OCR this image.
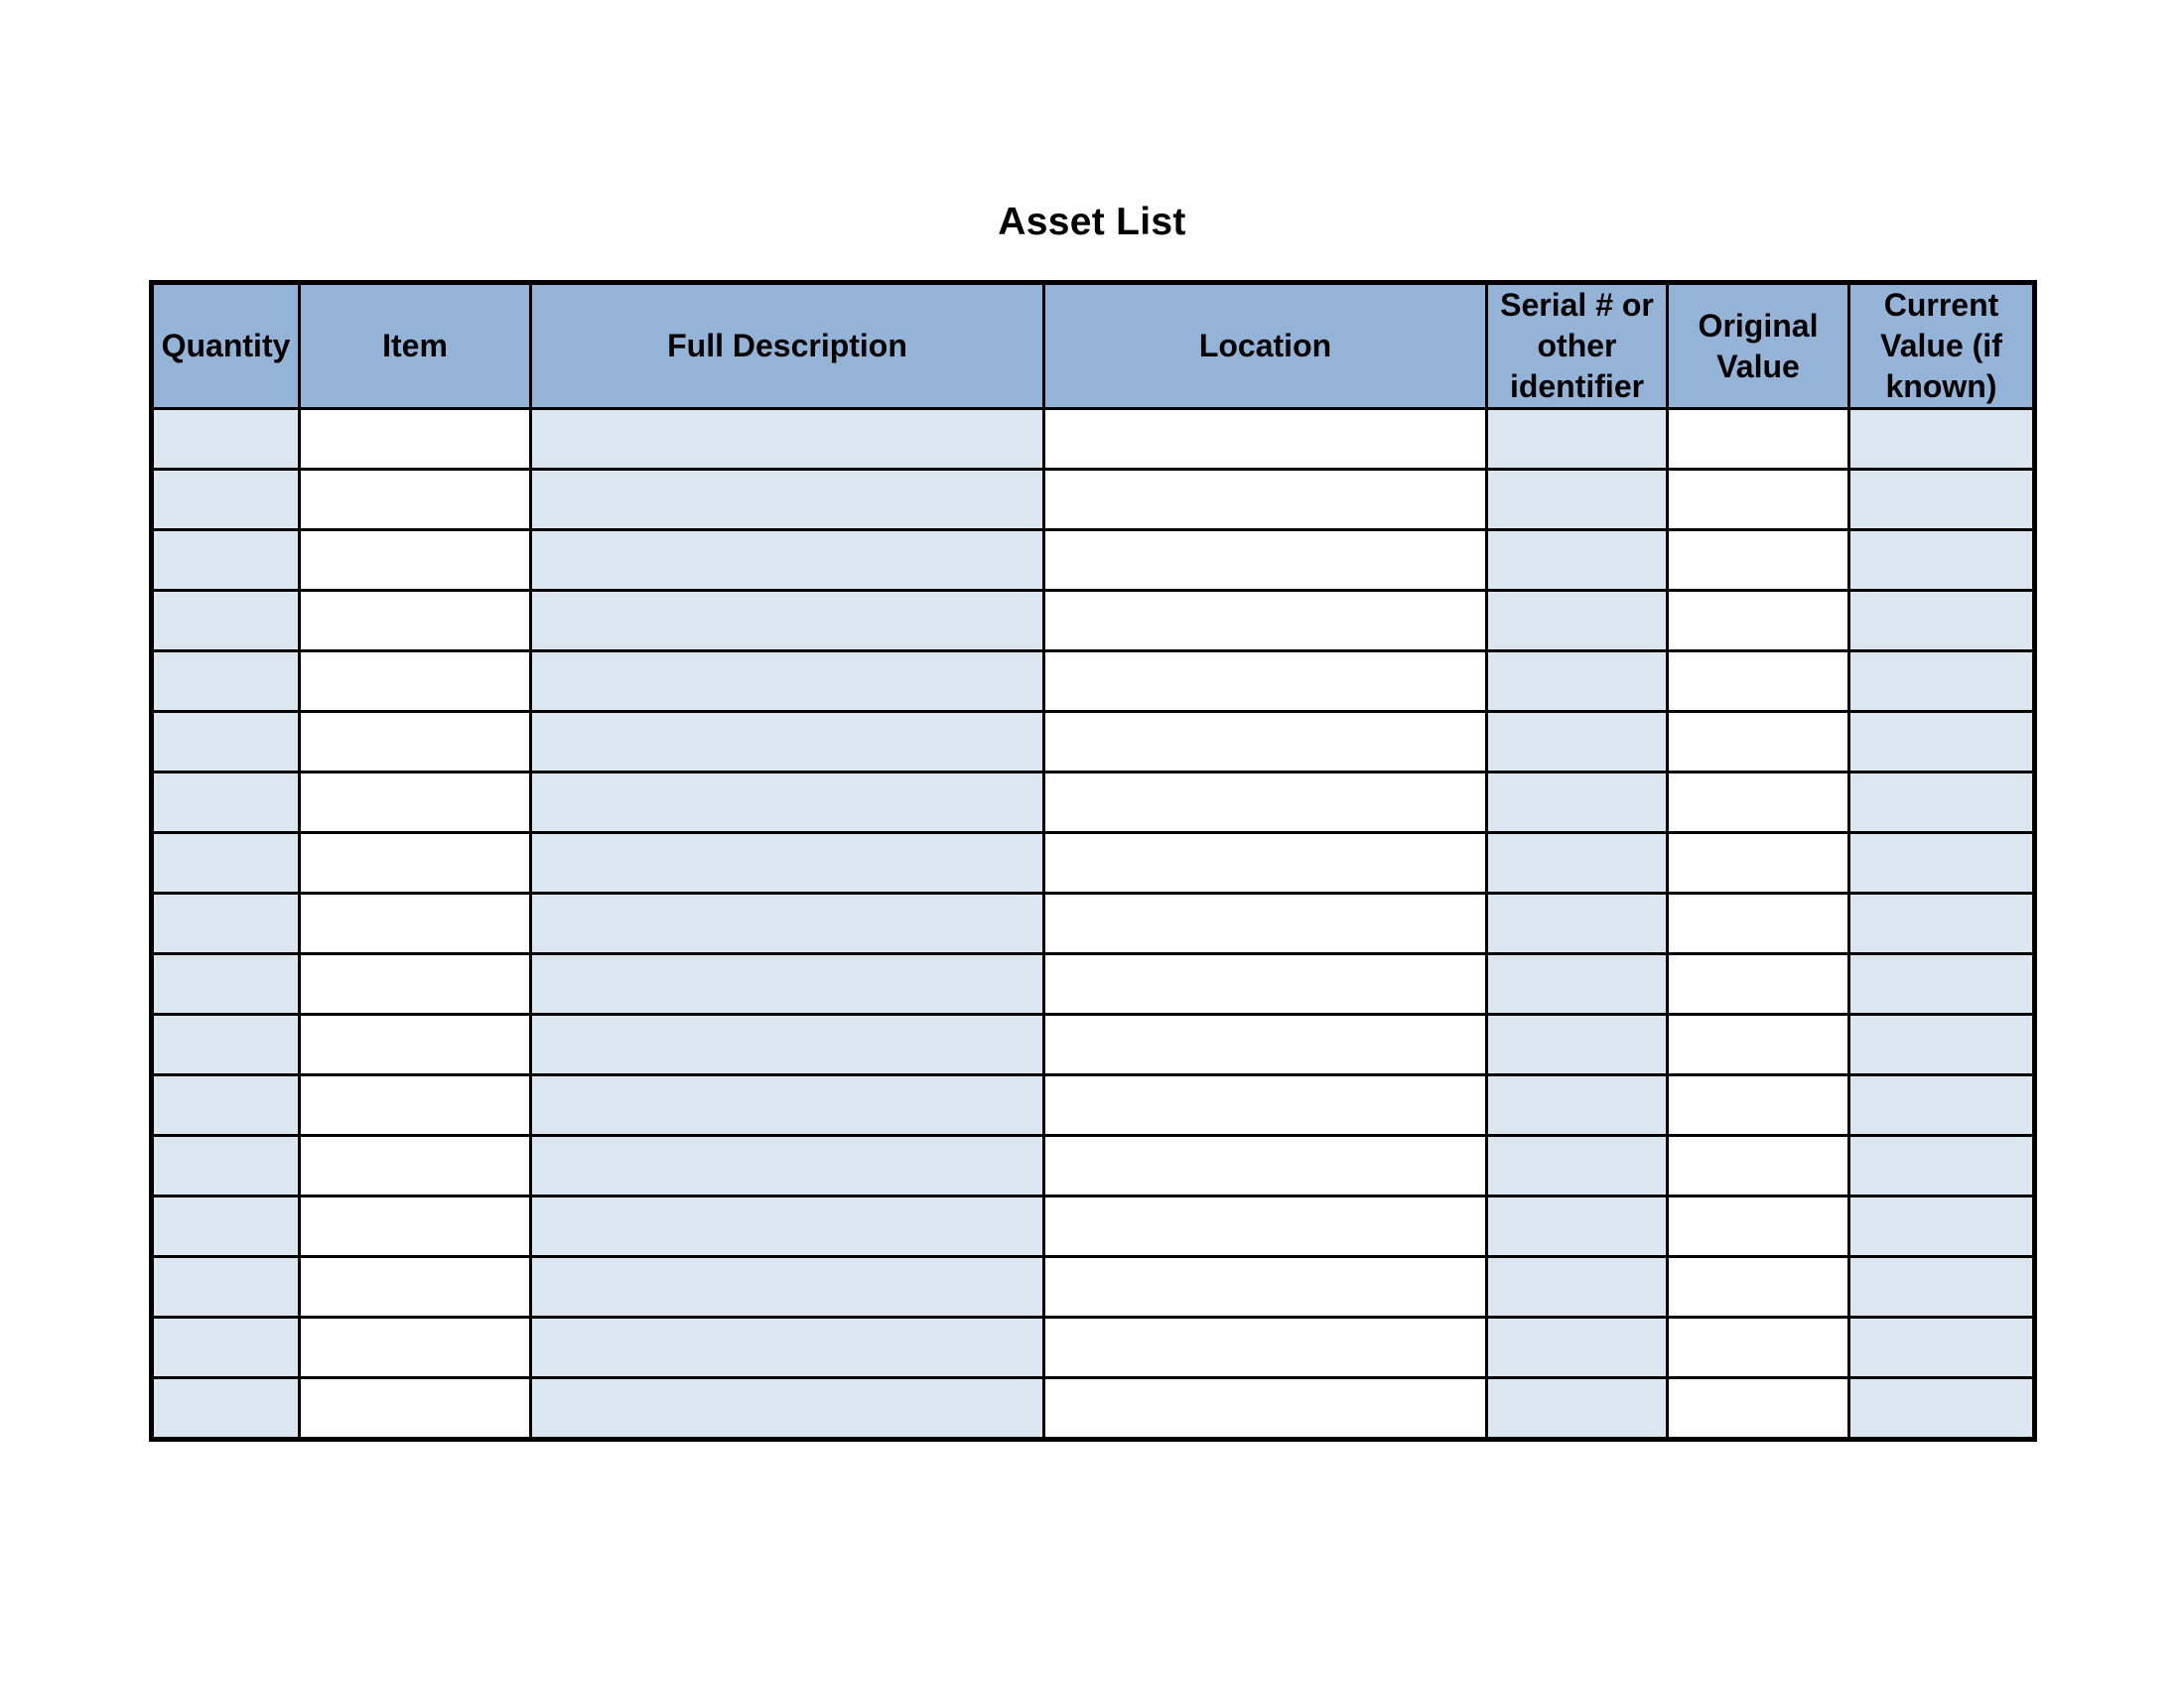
Asset List
Quantity	Item	Full Description	Location	Serial # or other identifier	Original Value	Current Value (if known)
